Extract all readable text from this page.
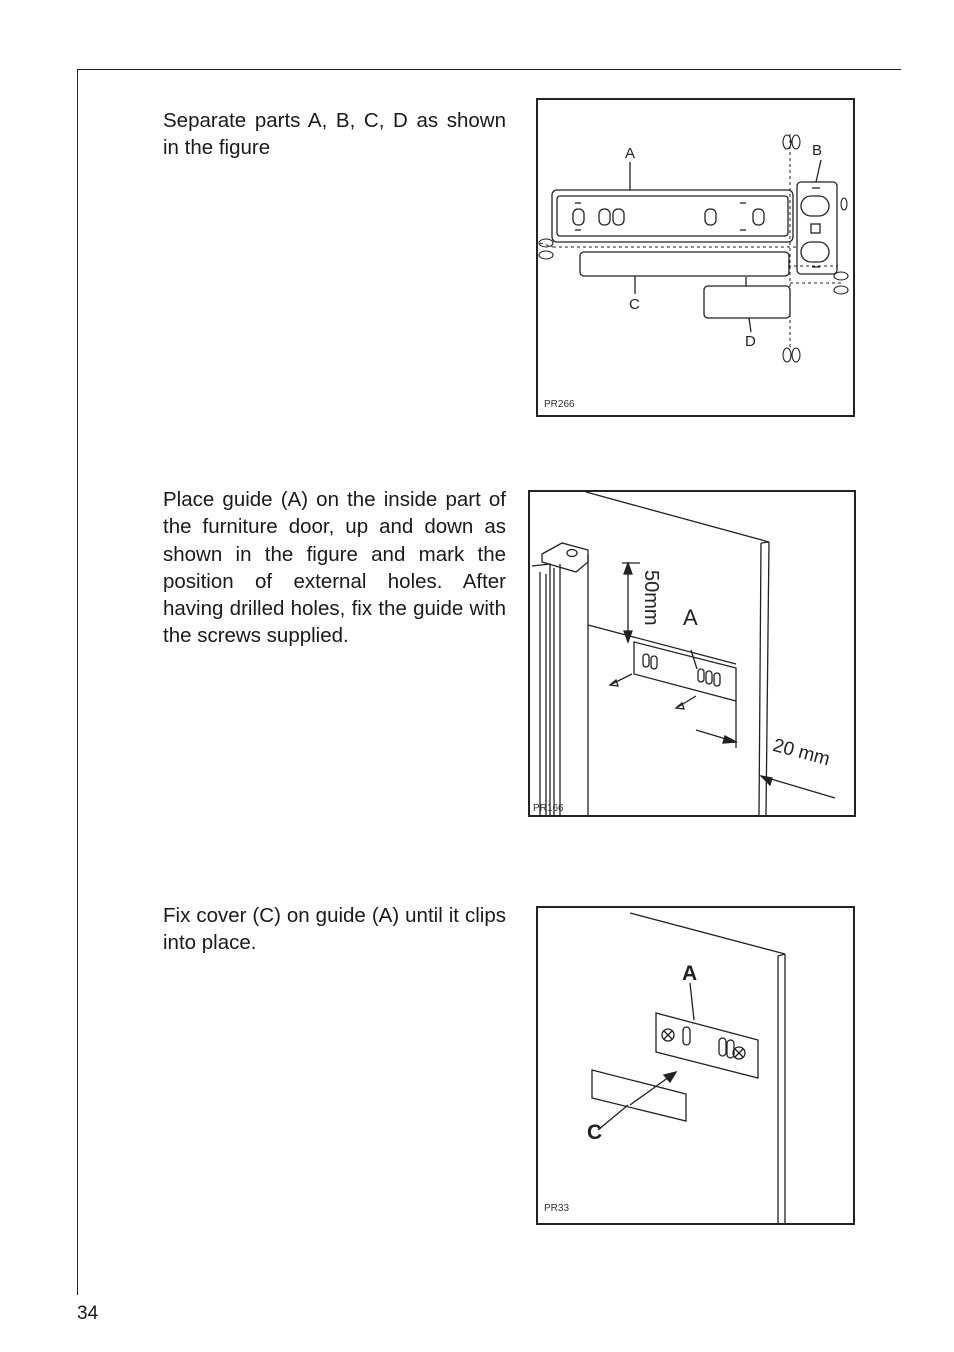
Separate parts A, B, C, D as shown in the figure	A	B
C
D
PR266

Place guide (A) on the inside part of the furniture door, up and down as shown in the figure and mark the position of external holes. After having drilled holes, fix the guide with the screws supplied.

50mm A
20 mm
PR166

Fix cover (C) on guide (A) until it clips into place.

A
C
PR33
34
